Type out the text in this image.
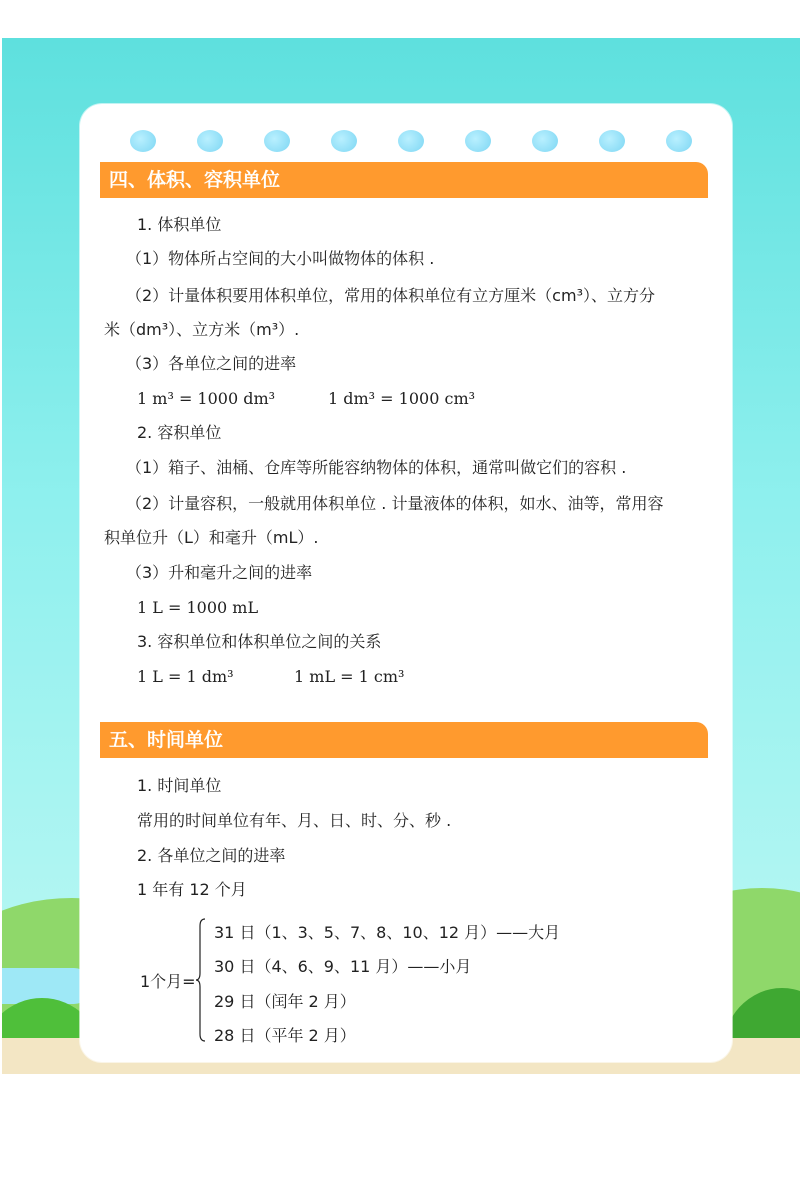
四、体积、容积单位
1. 体积单位
（1）物体所占空间的大小叫做物体的体积 .
（2）计量体积要用体积单位，常用的体积单位有立方厘米（cm³）、立方分
米（dm³）、立方米（m³）.
（3）各单位之间的进率
1 m³ = 1000 dm³	1 dm³ = 1000 cm³
2. 容积单位
（1）箱子、油桶、仓库等所能容纳物体的体积，通常叫做它们的容积 .
（2）计量容积，一般就用体积单位 . 计量液体的体积，如水、油等，常用容
积单位升（L）和毫升（mL）.
（3）升和毫升之间的进率
1 L = 1000 mL
3. 容积单位和体积单位之间的关系
1 L = 1 dm³	1 mL = 1 cm³
五、时间单位
1. 时间单位
常用的时间单位有年、月、日、时、分、秒 .
2. 各单位之间的进率
1 年有 12 个月
1个月=
31 日（1、3、5、7、8、10、12 月）——大月
30 日（4、6、9、11 月）——小月
29 日（闰年 2 月）
28 日（平年 2 月）
